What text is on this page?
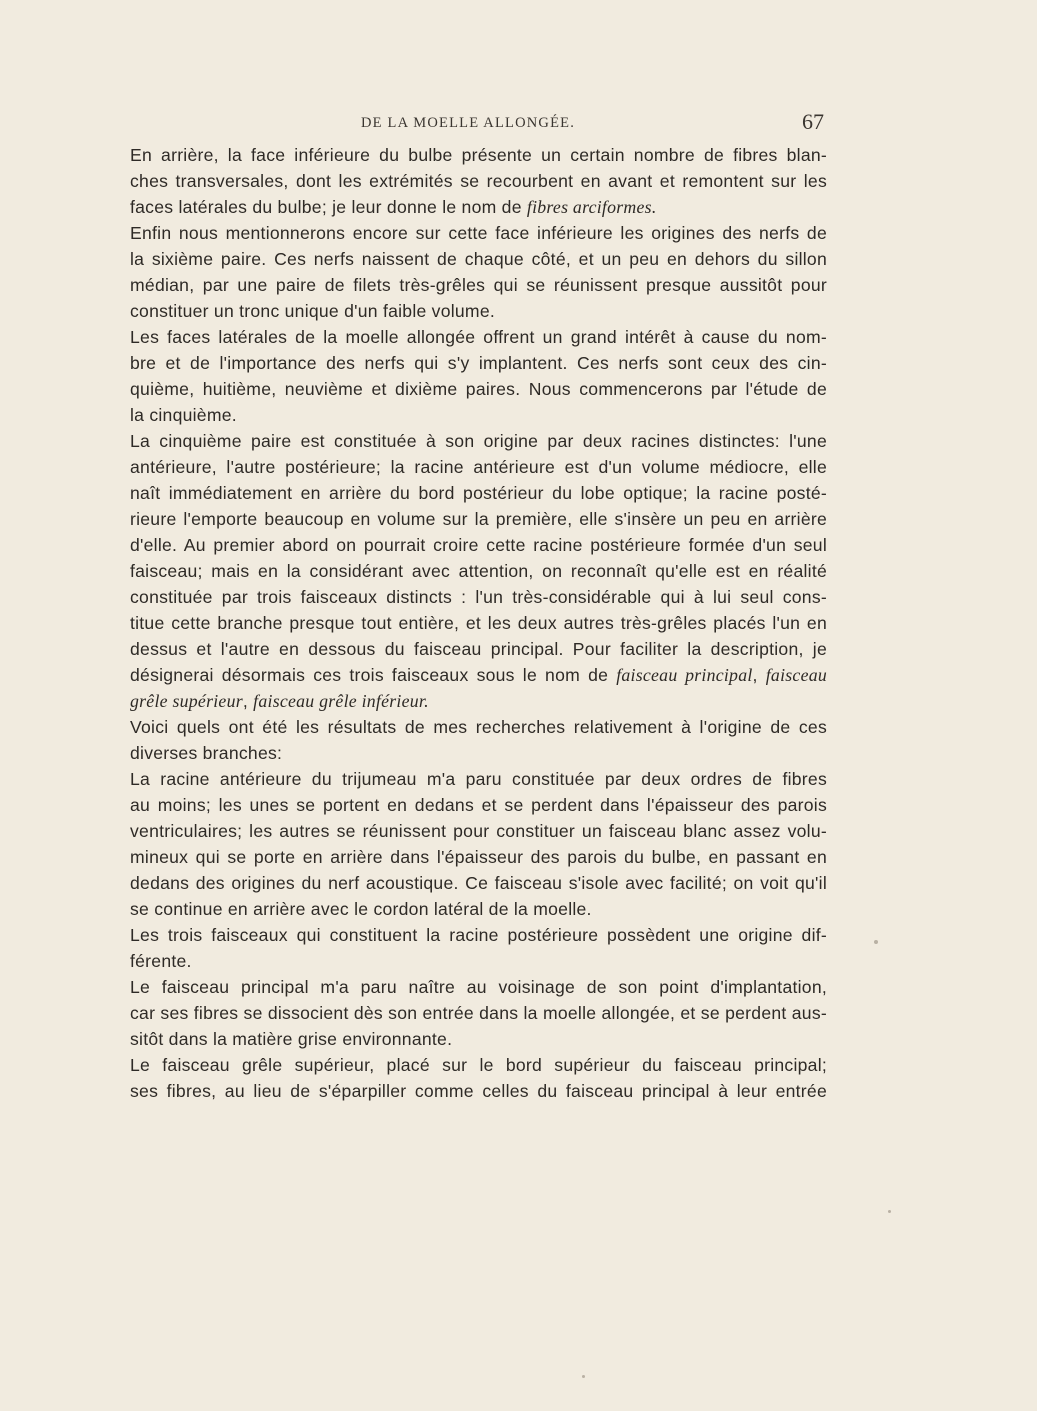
DE LA MOELLE ALLONGÉE.	67

En arrière, la face inférieure du bulbe présente un certain nombre de fibres blan-
ches transversales, dont les extrémités se recourbent en avant et remontent sur les
faces latérales du bulbe; je leur donne le nom de fibres arciformes.

Enfin nous mentionnerons encore sur cette face inférieure les origines des nerfs de
la sixième paire. Ces nerfs naissent de chaque côté, et un peu en dehors du sillon
médian, par une paire de filets très-grêles qui se réunissent presque aussitôt pour
constituer un tronc unique d'un faible volume.

Les faces latérales de la moelle allongée offrent un grand intérêt à cause du nom-
bre et de l'importance des nerfs qui s'y implantent. Ces nerfs sont ceux des cin-
quième, huitième, neuvième et dixième paires. Nous commencerons par l'étude de
la cinquième.

La cinquième paire est constituée à son origine par deux racines distinctes: l'une
antérieure, l'autre postérieure; la racine antérieure est d'un volume médiocre, elle
naît immédiatement en arrière du bord postérieur du lobe optique; la racine posté-
rieure l'emporte beaucoup en volume sur la première, elle s'insère un peu en arrière
d'elle. Au premier abord on pourrait croire cette racine postérieure formée d'un seul
faisceau; mais en la considérant avec attention, on reconnaît qu'elle est en réalité
constituée par trois faisceaux distincts : l'un très-considérable qui à lui seul cons-
titue cette branche presque tout entière, et les deux autres très-grêles placés l'un en
dessus et l'autre en dessous du faisceau principal. Pour faciliter la description, je
désignerai désormais ces trois faisceaux sous le nom de faisceau principal, faisceau
grêle supérieur, faisceau grêle inférieur.

Voici quels ont été les résultats de mes recherches relativement à l'origine de ces
diverses branches:

La racine antérieure du trijumeau m'a paru constituée par deux ordres de fibres
au moins; les unes se portent en dedans et se perdent dans l'épaisseur des parois
ventriculaires; les autres se réunissent pour constituer un faisceau blanc assez volu-
mineux qui se porte en arrière dans l'épaisseur des parois du bulbe, en passant en
dedans des origines du nerf acoustique. Ce faisceau s'isole avec facilité; on voit qu'il
se continue en arrière avec le cordon latéral de la moelle.

Les trois faisceaux qui constituent la racine postérieure possèdent une origine dif-
férente.

Le faisceau principal m'a paru naître au voisinage de son point d'implantation,
car ses fibres se dissocient dès son entrée dans la moelle allongée, et se perdent aus-
sitôt dans la matière grise environnante.

Le faisceau grêle supérieur, placé sur le bord supérieur du faisceau principal;
ses fibres, au lieu de s'éparpiller comme celles du faisceau principal à leur entrée
